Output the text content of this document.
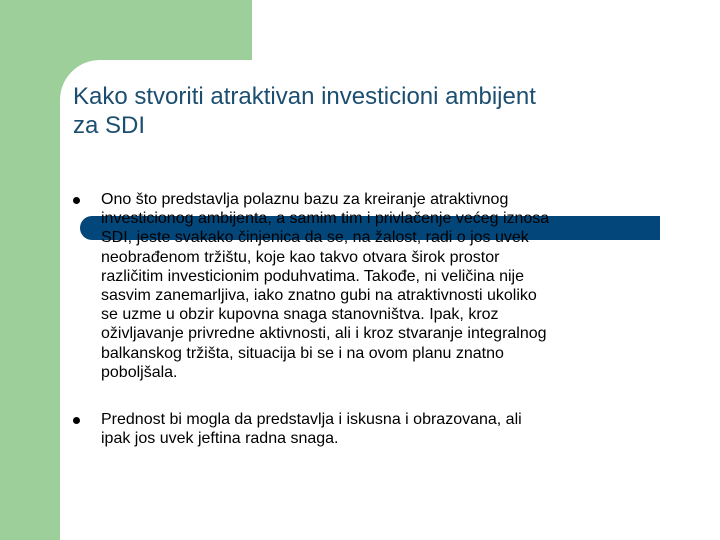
Kako stvoriti atraktivan investicioni ambijent
za SDI
Ono što predstavlja polaznu bazu za kreiranje atraktivnog
investicionog ambijenta, a samim tim i privlačenje većeg iznosa
SDI, jeste svakako činjenica da se, na žalost, radi o jos uvek
neobrađenom tržištu, koje kao takvo otvara širok prostor
različitim investicionim poduhvatima. Takođe, ni veličina nije
sasvim zanemarljiva, iako znatno gubi na atraktivnosti ukoliko
se uzme u obzir kupovna snaga stanovništva. Ipak, kroz
oživljavanje privredne aktivnosti, ali i kroz stvaranje integralnog
balkanskog tržišta, situacija bi se i na ovom planu znatno
poboljšala.
Prednost bi mogla da predstavlja i iskusna i obrazovana, ali
ipak jos uvek jeftina radna snaga.
